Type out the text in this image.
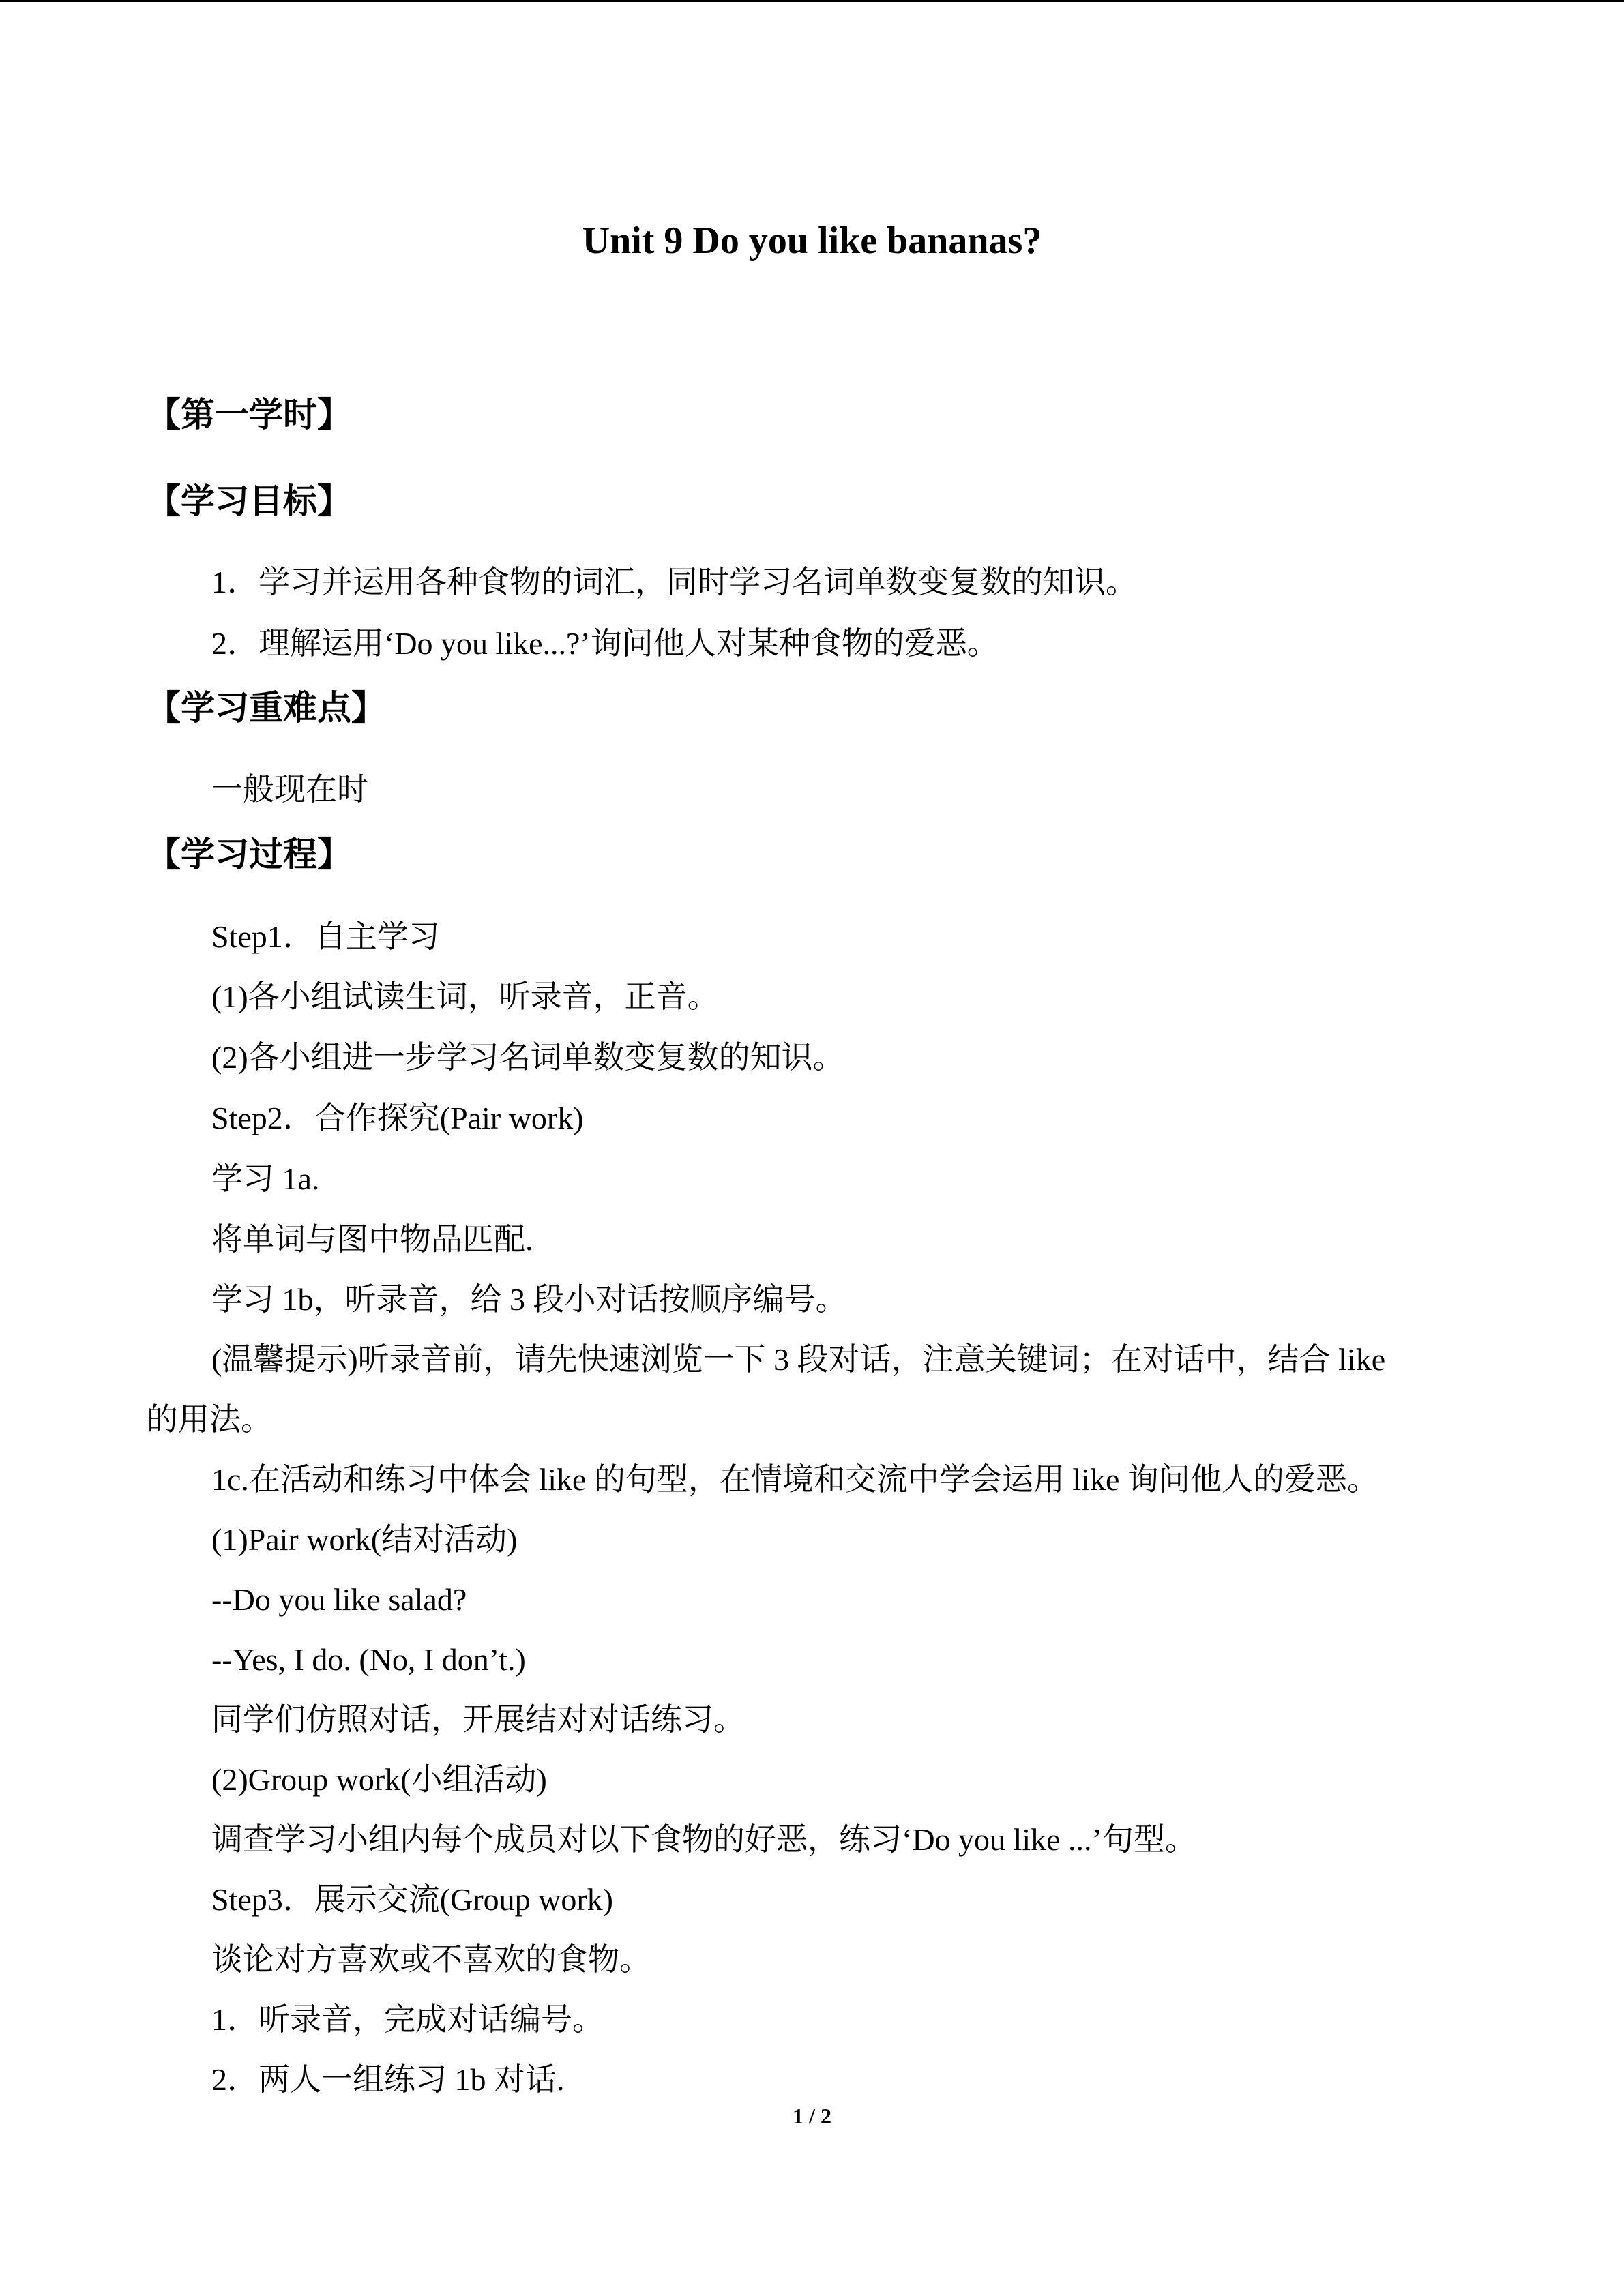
Unit 9 Do you like bananas?
【第一学时】
【学习目标】
1．学习并运用各种食物的词汇，同时学习名词单数变复数的知识。
2．理解运用‘Do you like...?’询问他人对某种食物的爱恶。
【学习重难点】
一般现在时
【学习过程】
Step1．自主学习
(1)各小组试读生词，听录音，正音。
(2)各小组进一步学习名词单数变复数的知识。
Step2．合作探究(Pair work)
学习 1a.
将单词与图中物品匹配.
学习 1b，听录音，给 3 段小对话按顺序编号。
(温馨提示)听录音前，请先快速浏览一下 3 段对话，注意关键词；在对话中，结合 like
的用法。
1c.在活动和练习中体会 like 的句型，在情境和交流中学会运用 like 询问他人的爱恶。
(1)Pair work(结对活动)
--Do you like salad?
--Yes, I do. (No, I don’t.)
同学们仿照对话，开展结对对话练习。
(2)Group work(小组活动)
调查学习小组内每个成员对以下食物的好恶，练习‘Do you like ...’句型。
Step3．展示交流(Group work)
谈论对方喜欢或不喜欢的食物。
1．听录音，完成对话编号。
2．两人一组练习 1b 对话.
1 / 2
